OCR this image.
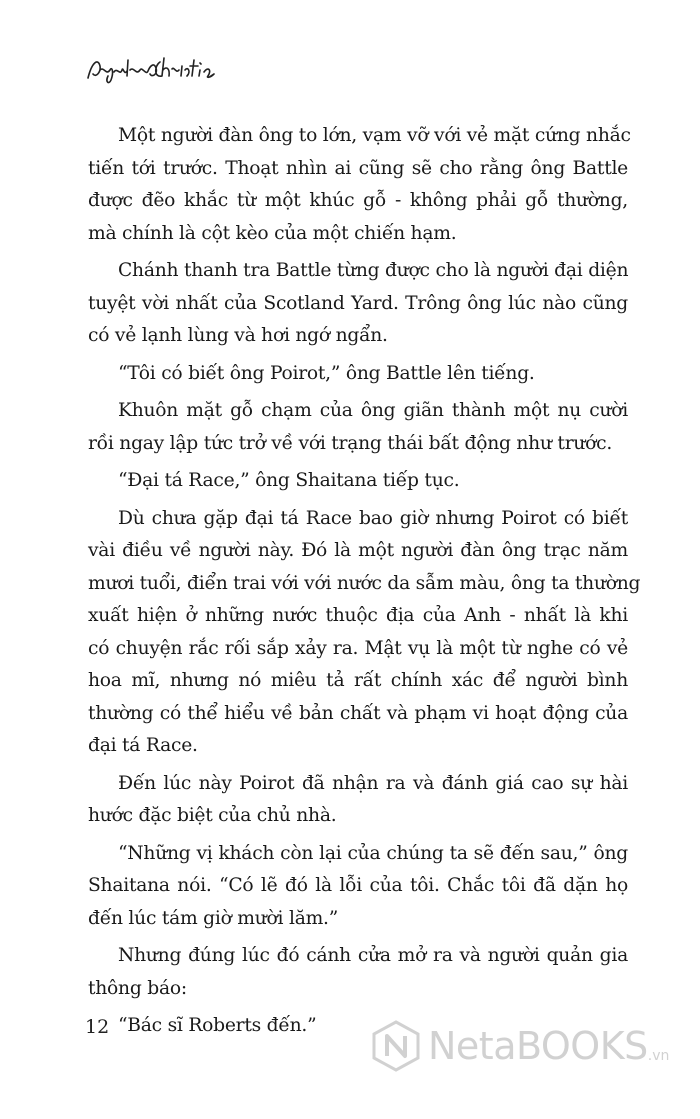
Một người đàn ông to lớn, vạm vỡ với vẻ mặt cứng nhắc
tiến tới trước. Thoạt nhìn ai cũng sẽ cho rằng ông Battle
được đẽo khắc từ một khúc gỗ - không phải gỗ thường,
mà chính là cột kèo của một chiến hạm.
Chánh thanh tra Battle từng được cho là người đại diện
tuyệt vời nhất của Scotland Yard. Trông ông lúc nào cũng
có vẻ lạnh lùng và hơi ngớ ngẩn.
“Tôi có biết ông Poirot,” ông Battle lên tiếng.
Khuôn mặt gỗ chạm của ông giãn thành một nụ cười
rồi ngay lập tức trở về với trạng thái bất động như trước.
“Đại tá Race,” ông Shaitana tiếp tục.
Dù chưa gặp đại tá Race bao giờ nhưng Poirot có biết
vài điều về người này. Đó là một người đàn ông trạc năm
mươi tuổi, điển trai với với nước da sẫm màu, ông ta thường
xuất hiện ở những nước thuộc địa của Anh - nhất là khi
có chuyện rắc rối sắp xảy ra. Mật vụ là một từ nghe có vẻ
hoa mĩ, nhưng nó miêu tả rất chính xác để người bình
thường có thể hiểu về bản chất và phạm vi hoạt động của
đại tá Race.
Đến lúc này Poirot đã nhận ra và đánh giá cao sự hài
hước đặc biệt của chủ nhà.
“Những vị khách còn lại của chúng ta sẽ đến sau,” ông
Shaitana nói. “Có lẽ đó là lỗi của tôi. Chắc tôi đã dặn họ
đến lúc tám giờ mười lăm.”
Nhưng đúng lúc đó cánh cửa mở ra và người quản gia
thông báo:
“Bác sĩ Roberts đến.”
12	NetaBOOKS .vn
